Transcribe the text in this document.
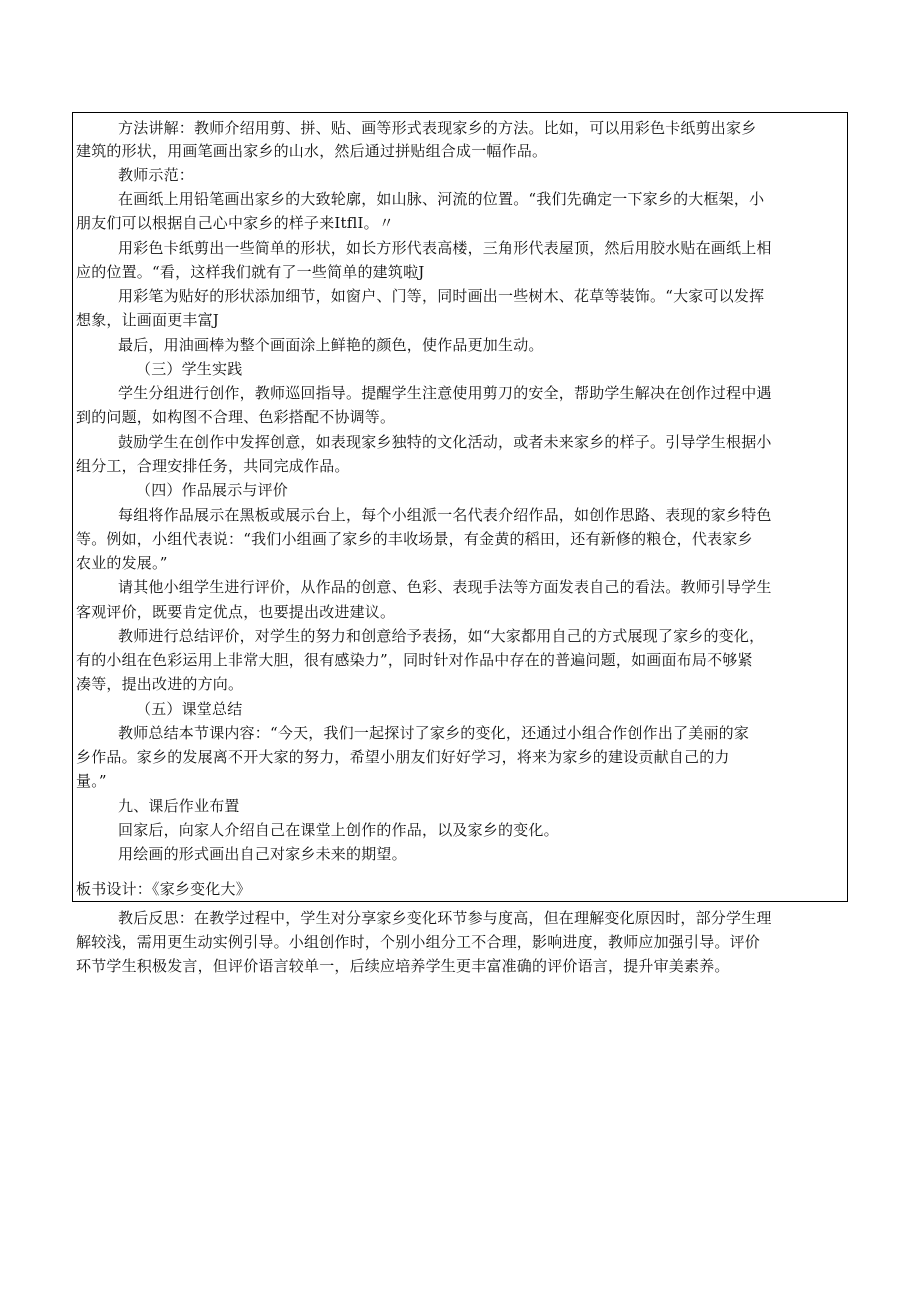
方法讲解：教师介绍用剪、拼、贴、画等形式表现家乡的方法。比如，可以用彩色卡纸剪出家乡
建筑的形状，用画笔画出家乡的山水，然后通过拼贴组合成一幅作品。
教师示范：
在画纸上用铅笔画出家乡的大致轮廓，如山脉、河流的位置。“我们先确定一下家乡的大框架，小
朋友们可以根据自己心中家乡的样子来ItflI。〃
用彩色卡纸剪出一些简单的形状，如长方形代表高楼，三角形代表屋顶，然后用胶水贴在画纸上相
应的位置。“看，这样我们就有了一些简单的建筑啦J
用彩笔为贴好的形状添加细节，如窗户、门等，同时画出一些树木、花草等装饰。“大家可以发挥
想象，让画面更丰富J
最后，用油画棒为整个画面涂上鲜艳的颜色，使作品更加生动。
（三）学生实践
学生分组进行创作，教师巡回指导。提醒学生注意使用剪刀的安全，帮助学生解决在创作过程中遇
到的问题，如构图不合理、色彩搭配不协调等。
鼓励学生在创作中发挥创意，如表现家乡独特的文化活动，或者未来家乡的样子。引导学生根据小
组分工，合理安排任务，共同完成作品。
（四）作品展示与评价
每组将作品展示在黑板或展示台上，每个小组派一名代表介绍作品，如创作思路、表现的家乡特色
等。例如，小组代表说：“我们小组画了家乡的丰收场景，有金黄的稻田，还有新修的粮仓，代表家乡
农业的发展。”
请其他小组学生进行评价，从作品的创意、色彩、表现手法等方面发表自己的看法。教师引导学生
客观评价，既要肯定优点，也要提出改进建议。
教师进行总结评价，对学生的努力和创意给予表扬，如“大家都用自己的方式展现了家乡的变化，
有的小组在色彩运用上非常大胆，很有感染力”，同时针对作品中存在的普遍问题，如画面布局不够紧
凑等，提出改进的方向。
（五）课堂总结
教师总结本节课内容：“今天，我们一起探讨了家乡的变化，还通过小组合作创作出了美丽的家
乡作品。家乡的发展离不开大家的努力，希望小朋友们好好学习，将来为家乡的建设贡献自己的力
量。”
九、课后作业布置
回家后，向家人介绍自己在课堂上创作的作品，以及家乡的变化。
用绘画的形式画出自己对家乡未来的期望。
板书设计：《家乡变化大》
教后反思：在教学过程中，学生对分享家乡变化环节参与度高，但在理解变化原因时，部分学生理
解较浅，需用更生动实例引导。小组创作时，个别小组分工不合理，影响进度，教师应加强引导。评价
环节学生积极发言，但评价语言较单一，后续应培养学生更丰富准确的评价语言，提升审美素养。
